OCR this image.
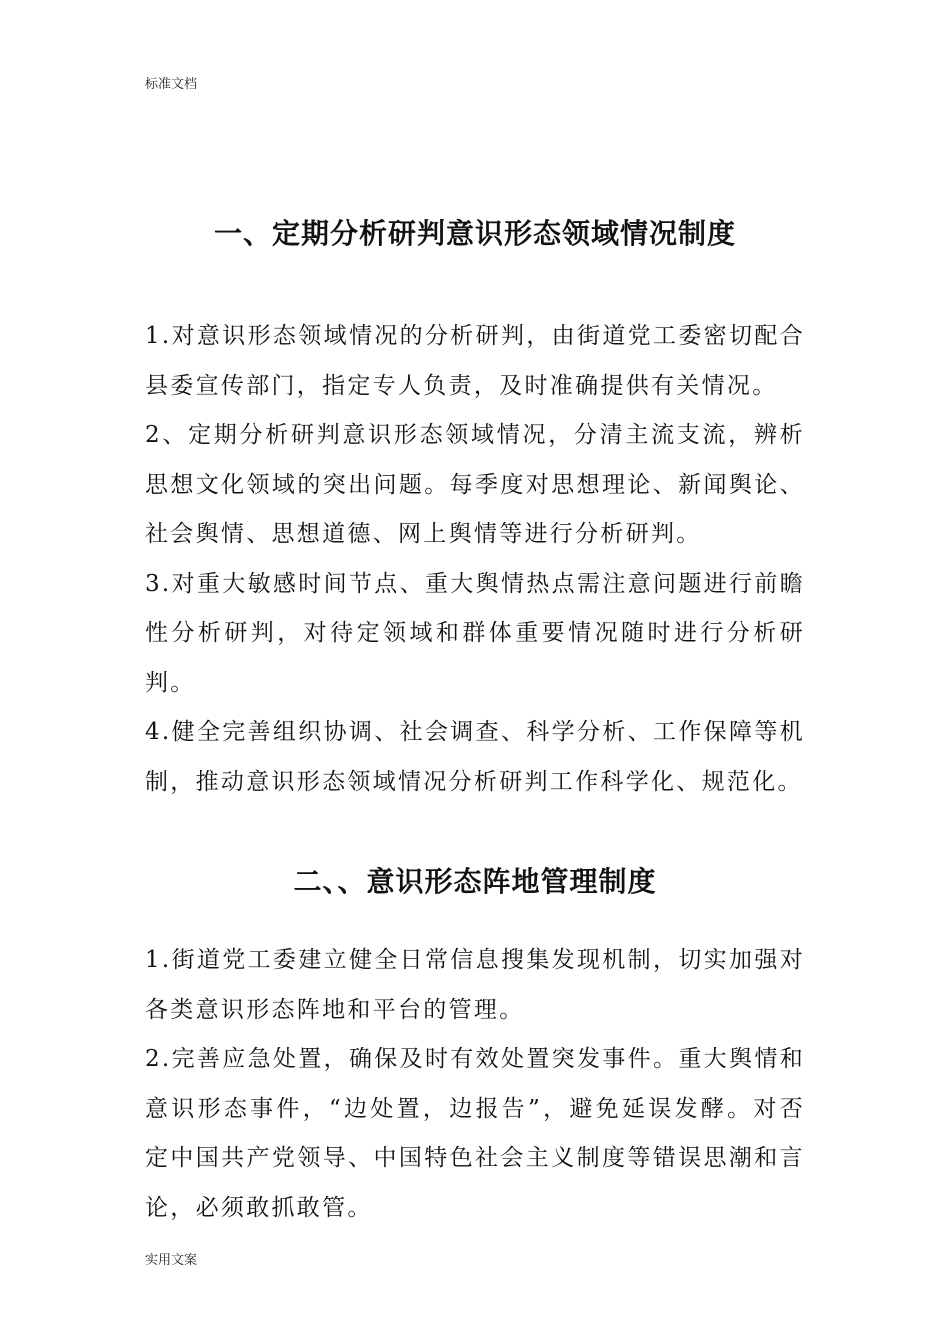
标准文档
一、定期分析研判意识形态领域情况制度

1.对意识形态领域情况的分析研判，由街道党工委密切配合县委宣传部门，指定专人负责，及时准确提供有关情况。

2、定期分析研判意识形态领域情况，分清主流支流，辨析思想文化领域的突出问题。每季度对思想理论、新闻舆论、社会舆情、思想道德、网上舆情等进行分析研判。

3.对重大敏感时间节点、重大舆情热点需注意问题进行前瞻性分析研判，对待定领域和群体重要情况随时进行分析研判。

4.健全完善组织协调、社会调查、科学分析、工作保障等机制，推动意识形态领域情况分析研判工作科学化、规范化。

二、、意识形态阵地管理制度

1.街道党工委建立健全日常信息搜集发现机制，切实加强对各类意识形态阵地和平台的管理。

2.完善应急处置，确保及时有效处置突发事件。重大舆情和意识形态事件，“边处置，边报告”，避免延误发酵。对否定中国共产党领导、中国特色社会主义制度等错误思潮和言论，必须敢抓敢管。

实用文案
